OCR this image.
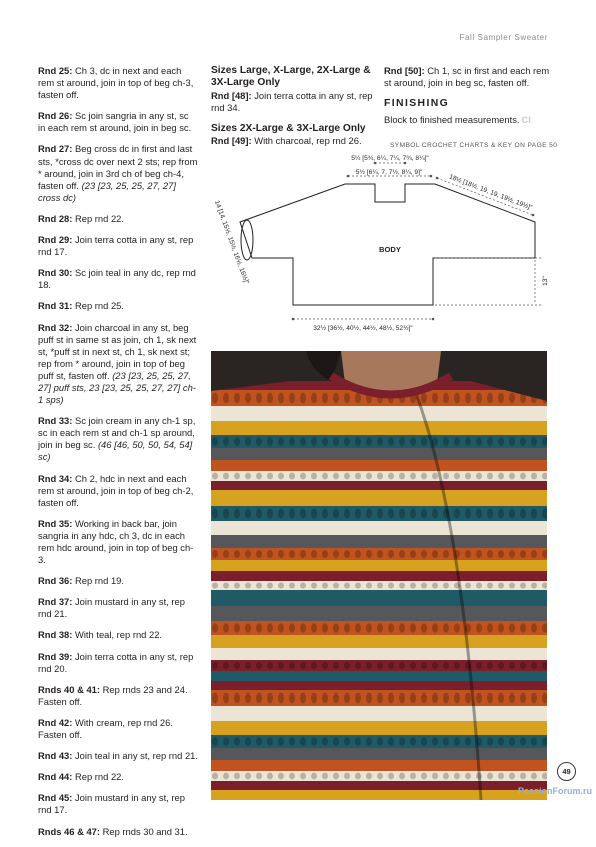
Fall Sampler Sweater

Rnd 25: Ch 3, dc in next and each rem st around, join in top of beg ch-3, fasten off.

Rnd 26: Sc join sangria in any st, sc in each rem st around, join in beg sc.

Rnd 27: Beg cross dc in first and last sts, *cross dc over next 2 sts; rep from * around, join in 3rd ch of beg ch-4, fasten off. (23 [23, 25, 25, 27, 27] cross dc)

Rnd 28: Rep rnd 22.

Rnd 29: Join terra cotta in any st, rep rnd 17.

Rnd 30: Sc join teal in any dc, rep rnd 18.

Rnd 31: Rep rnd 25.

Rnd 32: Join charcoal in any st, beg puff st in same st as join, ch 1, sk next st, *puff st in next st, ch 1, sk next st; rep from * around, join in top of beg puff st, fasten off. (23 [23, 25, 25, 27, 27] puff sts, 23 [23, 25, 25, 27, 27] ch-1 sps)

Rnd 33: Sc join cream in any ch-1 sp, sc in each rem st and ch-1 sp around, join in beg sc. (46 [46, 50, 50, 54, 54] sc)

Rnd 34: Ch 2, hdc in next and each rem st around, join in top of beg ch-2, fasten off.

Rnd 35: Working in back bar, join sangria in any hdc, ch 3, dc in each rem hdc around, join in top of beg ch-3.

Rnd 36: Rep rnd 19.

Rnd 37: Join mustard in any st, rep rnd 21.

Rnd 38: With teal, rep rnd 22.

Rnd 39: Join terra cotta in any st, rep rnd 20.

Rnds 40 & 41: Rep rnds 23 and 24. Fasten off.

Rnd 42: With cream, rep rnd 26. Fasten off.

Rnd 43: Join teal in any st, rep rnd 21.

Rnd 44: Rep rnd 22.

Rnd 45: Join mustard in any st, rep rnd 17.

Rnds 46 & 47: Rep rnds 30 and 31.

Sizes Large, X-Large, 2X-Large & 3X-Large Only

Rnd [48]: Join terra cotta in any st, rep rnd 34.

Sizes 2X-Large & 3X-Large Only

Rnd [49]: With charcoal, rep rnd 26.

Rnd [50]: Ch 1, sc in first and each rem st around, join in beg sc, fasten off.

FINISHING

Block to finished measurements. CI

SYMBOL CROCHET CHARTS & KEY ON PAGE 50
5¼ [5¾, 6¼, 7¼, 7¾, 8¼]"
5½ [6¼, 7, 7½, 8¼, 9]"
18½ [18½, 19, 19, 19½, 19½]"
14 [14, 15½, 15½, 16½, 16½]"	13"
32½ [36½, 40½, 44½, 48½, 52½]"
BODY
49
PassionForum.ru
